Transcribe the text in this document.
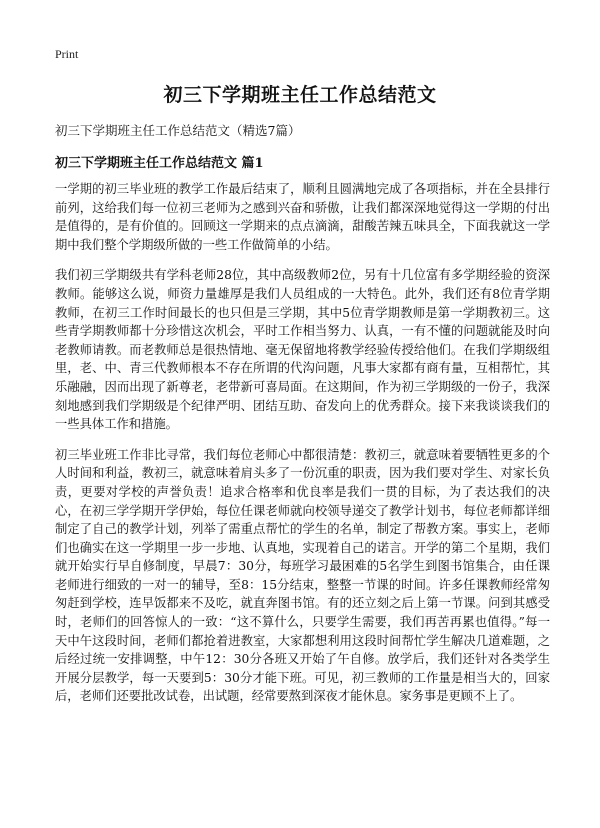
Print
初三下学期班主任工作总结范文

初三下学期班主任工作总结范文（精选7篇）

初三下学期班主任工作总结范文 篇1

一学期的初三毕业班的教学工作最后结束了，顺利且圆满地完成了各项指标，并在全县排行前列，这给我们每一位初三老师为之感到兴奋和骄傲，让我们都深深地觉得这一学期的付出是值得的，是有价值的。回顾这一学期来的点点滴滴，甜酸苦辣五味具全，下面我就这一学期中我们整个学期级所做的一些工作做简单的小结。

我们初三学期级共有学科老师28位，其中高级教师2位，另有十几位富有多学期经验的资深教师。能够这么说，师资力量雄厚是我们人员组成的一大特色。此外，我们还有8位青学期教师，在初三工作时间最长的也只但是三学期，其中5位青学期教师是第一学期教初三。这些青学期教师都十分珍惜这次机会，平时工作相当努力、认真，一有不懂的问题就能及时向老教师请教。而老教师总是很热情地、毫无保留地将教学经验传授给他们。在我们学期级组里，老、中、青三代教师根本不存在所谓的代沟问题，凡事大家都有商有量，互相帮忙，其乐融融，因而出现了新尊老，老带新可喜局面。在这期间，作为初三学期级的一份子，我深刻地感到我们学期级是个纪律严明、团结互助、奋发向上的优秀群众。接下来我谈谈我们的一些具体工作和措施。

初三毕业班工作非比寻常，我们每位老师心中都很清楚：教初三，就意味着要牺牲更多的个人时间和利益，教初三，就意味着肩头多了一份沉重的职责，因为我们要对学生、对家长负责，更要对学校的声誉负责！追求合格率和优良率是我们一贯的目标，为了表达我们的决心，在初三学学期开学伊始，每位任课老师就向校领导递交了教学计划书，每位老师都详细制定了自己的教学计划，列举了需重点帮忙的学生的名单，制定了帮教方案。事实上，老师们也确实在这一学期里一步一步地、认真地，实现着自己的诺言。开学的第二个星期，我们就开始实行早自修制度，早晨7：30分，每班学习最困难的5名学生到图书馆集合，由任课老师进行细致的一对一的辅导，至8：15分结束，整整一节课的时间。许多任课教师经常匆匆赶到学校，连早饭都来不及吃，就直奔图书馆。有的还立刻之后上第一节课。问到其感受时，老师们的回答惊人的一致：“这不算什么，只要学生需要，我们再苦再累也值得。”每一天中午这段时间，老师们都抢着进教室，大家都想利用这段时间帮忙学生解决几道难题，之后经过统一安排调整，中午12：30分各班又开始了午自修。放学后，我们还针对各类学生开展分层教学，每一天要到5：30分才能下班。可见，初三教师的工作量是相当大的，回家后，老师们还要批改试卷，出试题，经常要熬到深夜才能休息。家务事是更顾不上了。
